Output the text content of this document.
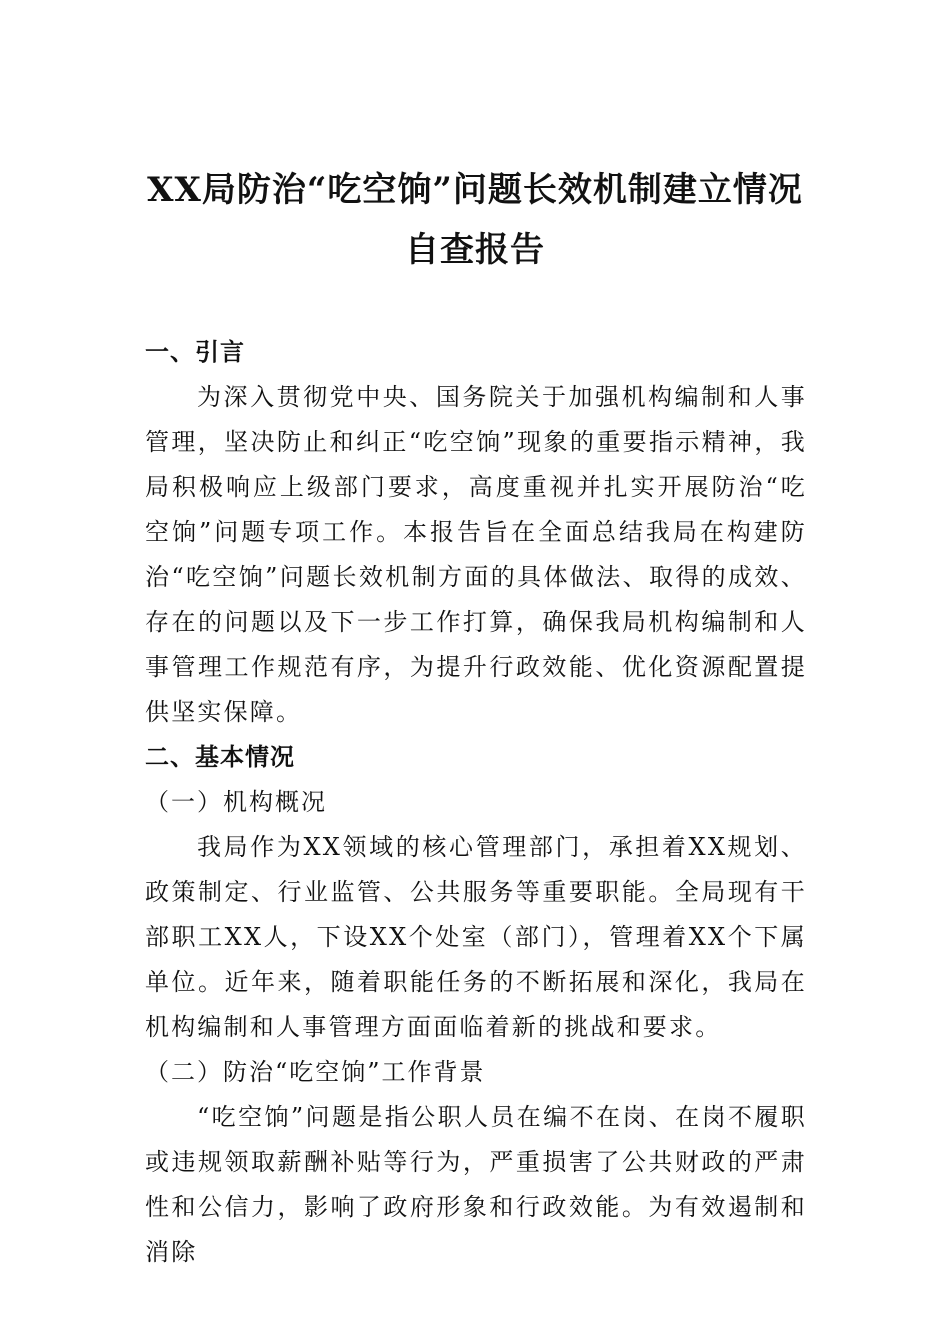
XX局防治“吃空饷”问题长效机制建立情况自查报告

一、引言

为深入贯彻党中央、国务院关于加强机构编制和人事管理，坚决防止和纠正“吃空饷”现象的重要指示精神，我局积极响应上级部门要求，高度重视并扎实开展防治“吃空饷”问题专项工作。本报告旨在全面总结我局在构建防治“吃空饷”问题长效机制方面的具体做法、取得的成效、存在的问题以及下一步工作打算，确保我局机构编制和人事管理工作规范有序，为提升行政效能、优化资源配置提供坚实保障。

二、基本情况

（一）机构概况

我局作为XX领域的核心管理部门，承担着XX规划、政策制定、行业监管、公共服务等重要职能。全局现有干部职工XX人，下设XX个处室（部门），管理着XX个下属单位。近年来，随着职能任务的不断拓展和深化，我局在机构编制和人事管理方面面临着新的挑战和要求。

（二）防治“吃空饷”工作背景

“吃空饷”问题是指公职人员在编不在岗、在岗不履职或违规领取薪酬补贴等行为，严重损害了公共财政的严肃性和公信力，影响了政府形象和行政效能。为有效遏制和消除
